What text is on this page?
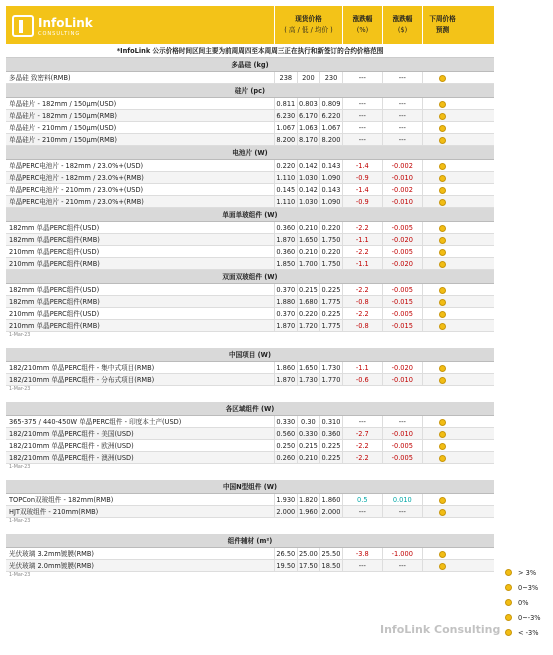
InfoLink
CONSULTING
现货价格
( 高 / 低 / 均价 )
涨跌幅
(%)
涨跌幅
($)
下周价格
预测
*InfoLink 公示价格时间区间主要为前周周四至本周周三正在执行和新签订的合约价格范围
多晶硅 (kg)
多晶硅 致密料(RMB)	238	200	230	---	---
硅片 (pc)
单晶硅片 - 182mm / 150μm(USD)	0.811 0.803 0.809	---	---
单晶硅片 - 182mm / 150μm(RMB)	6.230 6.170 6.220	---	---
单晶硅片 - 210mm / 150μm(USD)	1.067 1.063 1.067	---	---
单晶硅片 - 210mm / 150μm(RMB)	8.200 8.170 8.200	---	---
电池片 (W)
单晶PERC电池片 - 182mm / 23.0%+(USD)	0.220 0.142 0.143	-1.4	-0.002
单晶PERC电池片 - 182mm / 23.0%+(RMB)	1.110 1.030 1.090	-0.9	-0.010
单晶PERC电池片 - 210mm / 23.0%+(USD)	0.145 0.142 0.143	-1.4	-0.002
单晶PERC电池片 - 210mm / 23.0%+(RMB)	1.110 1.030 1.090	-0.9	-0.010
单面单玻组件 (W)
182mm 单晶PERC组件(USD)	0.360 0.210 0.220	-2.2	-0.005
182mm 单晶PERC组件(RMB)	1.870 1.650 1.750	-1.1	-0.020
210mm 单晶PERC组件(USD)	0.360 0.210 0.220	-2.2	-0.005
210mm 单晶PERC组件(RMB)	1.850 1.700 1.750	-1.1	-0.020
双面双玻组件 (W)
182mm 单晶PERC组件(USD)	0.370 0.215 0.225	-2.2	-0.005
182mm 单晶PERC组件(RMB)	1.880 1.680 1.775	-0.8	-0.015
210mm 单晶PERC组件(USD)	0.370 0.220 0.225	-2.2	-0.005
210mm 单晶PERC组件(RMB)	1.870 1.720 1.775	-0.8	-0.015
1-Mar-23
中国项目 (W)
182/210mm 单晶PERC组件 - 集中式项目(RMB)	1.860 1.650 1.730	-1.1	-0.020
182/210mm 单晶PERC组件 - 分布式项目(RMB)	1.870 1.730 1.770	-0.6	-0.010
1-Mar-23
各区域组件 (W)
365-375 / 440-450W 单晶PERC组件 - 印度本土产(USD)	0.330 0.30 0.310	---	---
182/210mm 单晶PERC组件 - 美国(USD)	0.560 0.330 0.360	-2.7	-0.010
182/210mm 单晶PERC组件 - 欧洲(USD)	0.250 0.215 0.225	-2.2	-0.005
182/210mm 单晶PERC组件 - 澳洲(USD)	0.260 0.210 0.225	-2.2	-0.005
1-Mar-23
中国N型组件 (W)
TOPCon双玻组件 - 182mm(RMB)	1.930 1.820 1.860	0.5	0.010
HJT双玻组件 - 210mm(RMB)	2.000 1.960 2.000	---	---
1-Mar-23
组件辅材 (m²)
光伏玻璃 3.2mm镀膜(RMB)	26.50 25.00 25.50	-3.8	-1.000
光伏玻璃 2.0mm镀膜(RMB)	19.50 17.50 18.50	---	---
1-Mar-23	> 3%
0~3%
0%
0~-3%
< -3%
InfoLink Consulting
